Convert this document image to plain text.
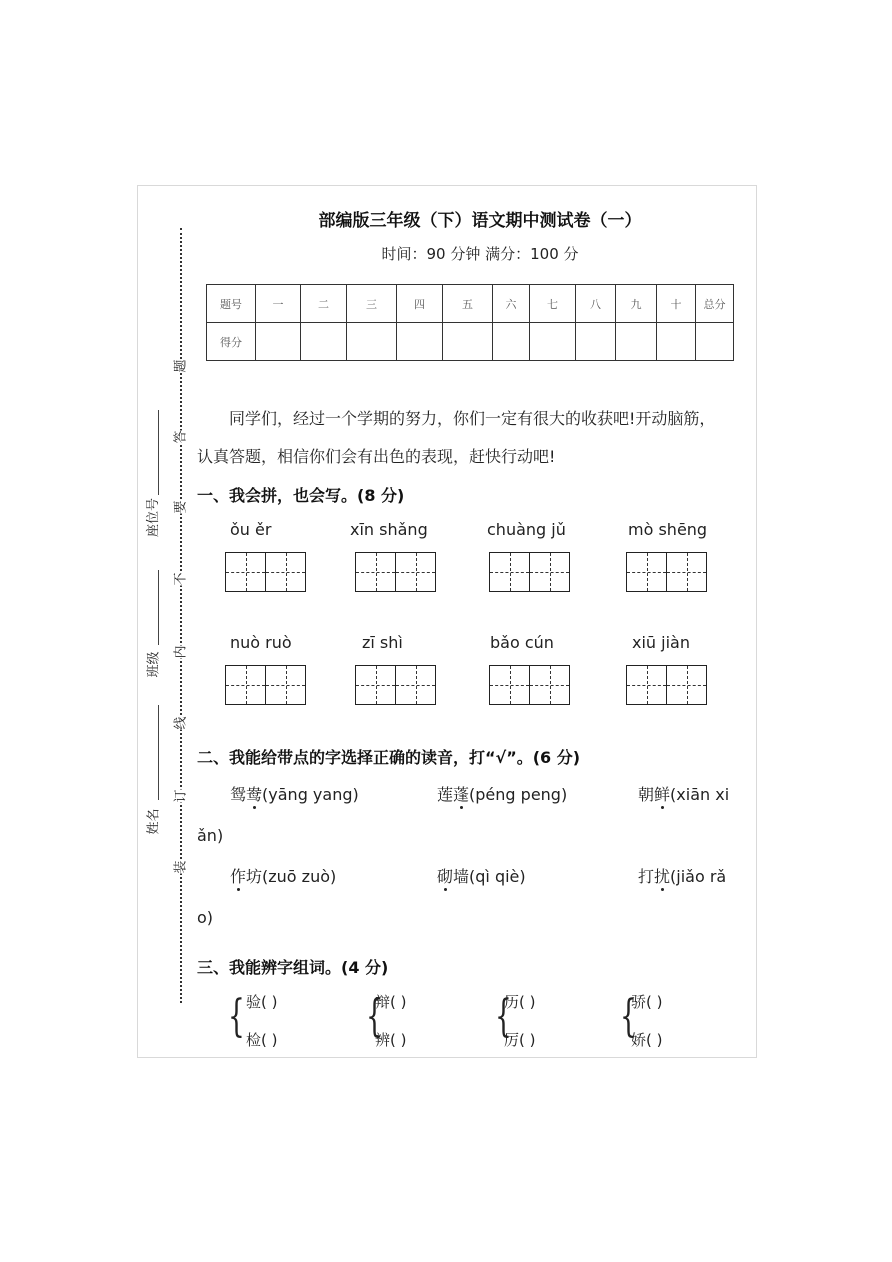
题
答
要
不
内
线
订
装
座位号
班级
姓名
部编版三年级（下）语文期中测试卷（一）
时间：90 分钟 满分：100 分
题号	一	二	三	四	五	六	七	八	九	十	总分
得分											
同学们，经过一个学期的努力，你们一定有很大的收获吧!开动脑筋，
认真答题，相信你们会有出色的表现，赶快行动吧!
一、我会拼，也会写。(8 分)
ǒu ěr	xīn shǎng	chuàng jǔ	mò shēng
nuò ruò	zī shì	bǎo cún	xiū jiàn
二、我能给带点的字选择正确的读音，打“√”。(6 分)
鸳鸯(yāng yang)	莲蓬(péng peng)	朝鲜(xiān xi
ǎn)
作坊(zuō zuò)	砌墙(qì qiè)	打扰(jiǎo rǎ
o)
三、我能辨字组词。(4 分)
{ 验( )
检( ) {
辩( )
辨( ) {
历( )
厉( ) {
骄( )
娇( )
